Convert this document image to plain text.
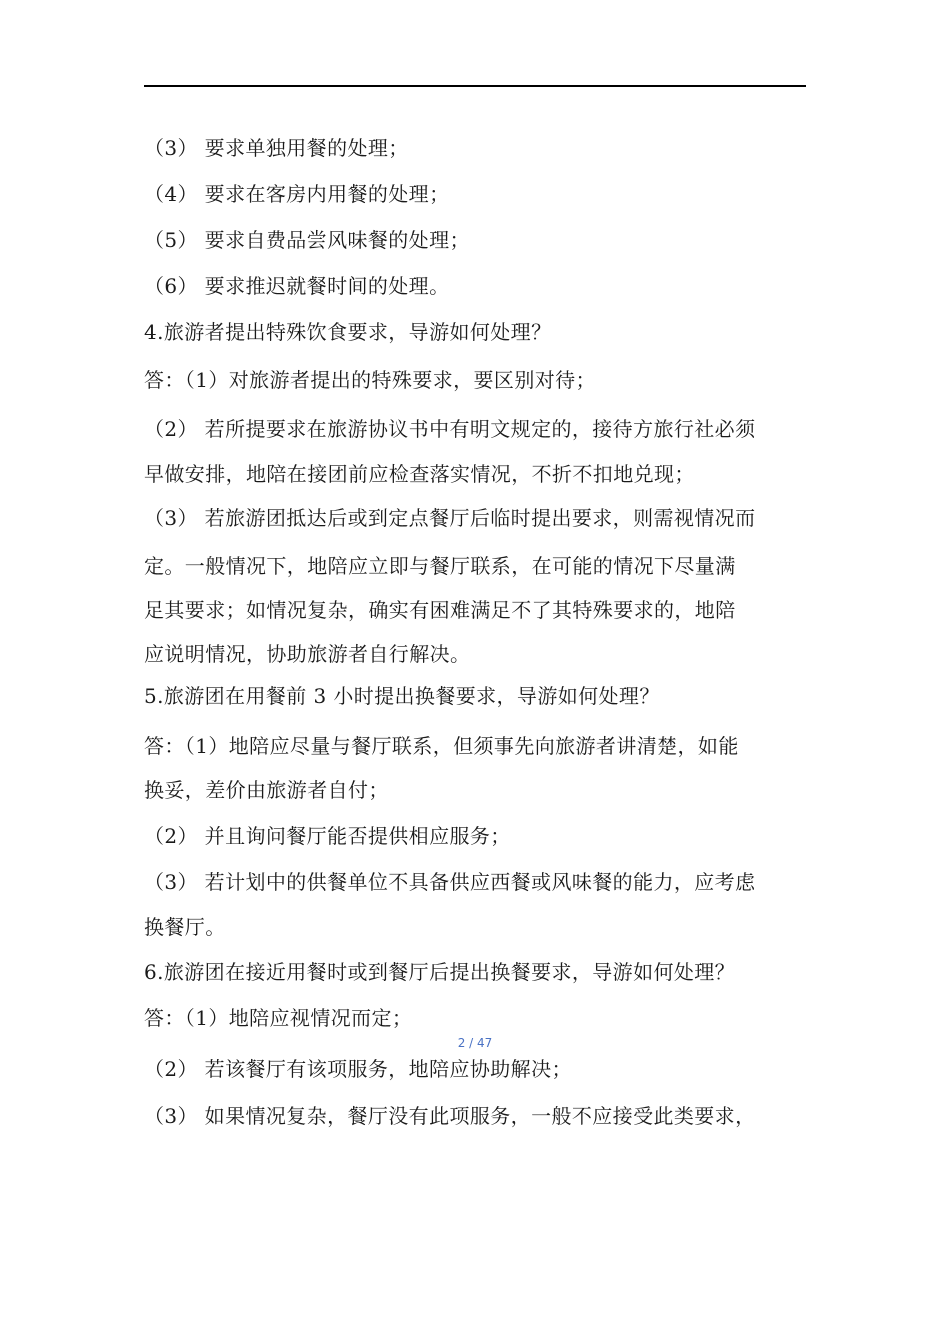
（3） 要求单独用餐的处理；
（4） 要求在客房内用餐的处理；
（5） 要求自费品尝风味餐的处理；
（6） 要求推迟就餐时间的处理。
4.旅游者提出特殊饮食要求，导游如何处理？
答：（1）对旅游者提出的特殊要求，要区别对待；
（2） 若所提要求在旅游协议书中有明文规定的，接待方旅行社必须
早做安排，地陪在接团前应检查落实情况，不折不扣地兑现；
（3） 若旅游团抵达后或到定点餐厅后临时提出要求，则需视情况而
定。一般情况下，地陪应立即与餐厅联系，在可能的情况下尽量满
足其要求；如情况复杂，确实有困难满足不了其特殊要求的，地陪
应说明情况，协助旅游者自行解决。
5.旅游团在用餐前 3 小时提出换餐要求，导游如何处理？
答：（1）地陪应尽量与餐厅联系，但须事先向旅游者讲清楚，如能
换妥，差价由旅游者自付；
（2） 并且询问餐厅能否提供相应服务；
（3） 若计划中的供餐单位不具备供应西餐或风味餐的能力，应考虑
换餐厅。
6.旅游团在接近用餐时或到餐厅后提出换餐要求，导游如何处理？
答：（1）地陪应视情况而定；
（2） 若该餐厅有该项服务，地陪应协助解决；
（3） 如果情况复杂，餐厅没有此项服务，一般不应接受此类要求，
2 / 47
